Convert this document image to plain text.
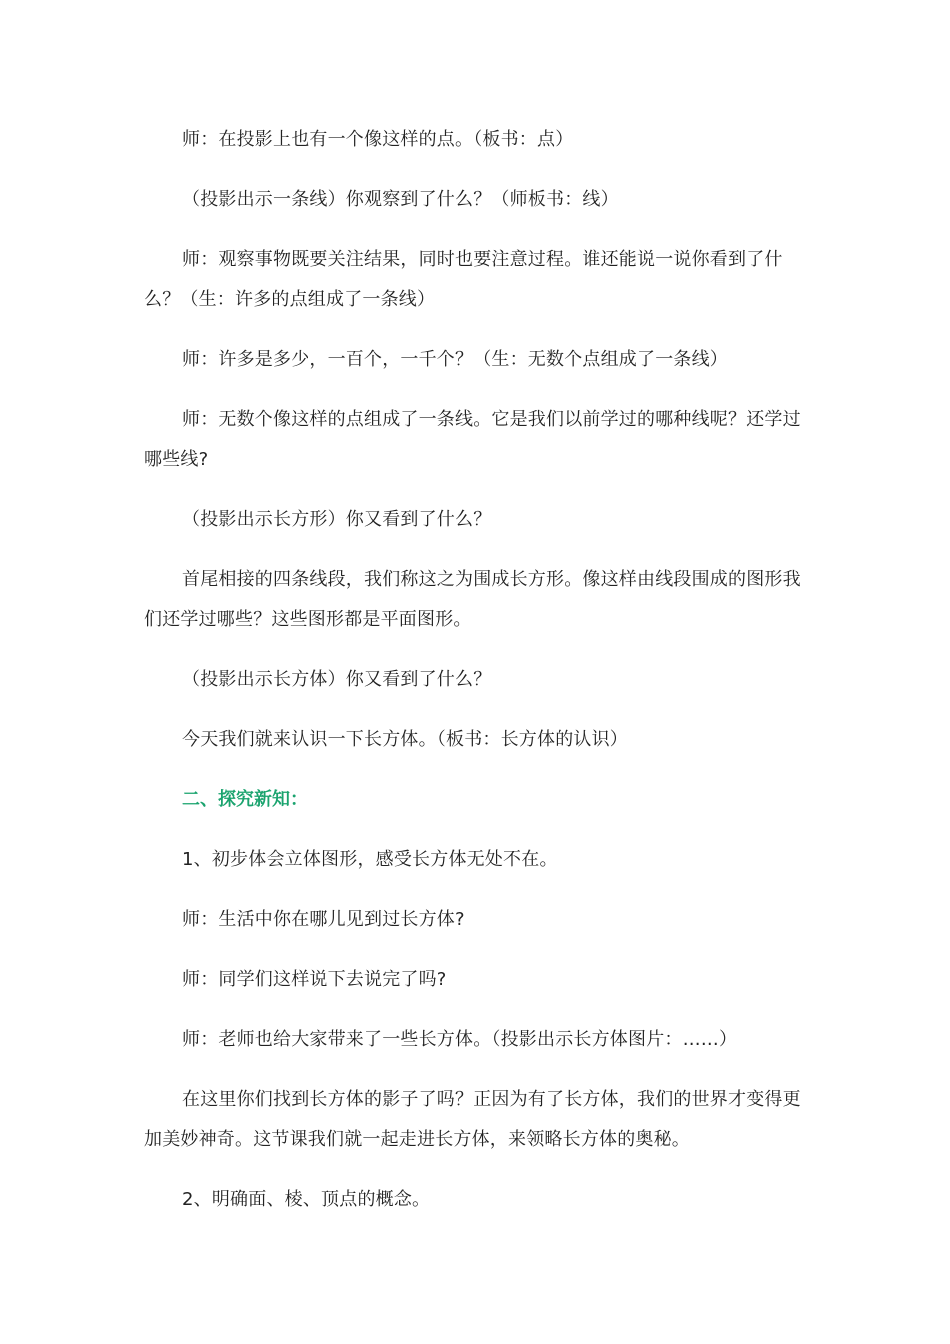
师：在投影上也有一个像这样的点。（板书：点）

（投影出示一条线）你观察到了什么？（师板书：线）

师：观察事物既要关注结果，同时也要注意过程。谁还能说一说你看到了什么？（生：许多的点组成了一条线）

师：许多是多少，一百个，一千个？（生：无数个点组成了一条线）

师：无数个像这样的点组成了一条线。它是我们以前学过的哪种线呢？还学过哪些线?

（投影出示长方形）你又看到了什么？

首尾相接的四条线段，我们称这之为围成长方形。像这样由线段围成的图形我们还学过哪些？这些图形都是平面图形。

（投影出示长方体）你又看到了什么？

今天我们就来认识一下长方体。（板书：长方体的认识）

二、探究新知：

1、初步体会立体图形，感受长方体无处不在。

师：生活中你在哪儿见到过长方体?

师：同学们这样说下去说完了吗?

师：老师也给大家带来了一些长方体。（投影出示长方体图片：……）

在这里你们找到长方体的影子了吗？正因为有了长方体，我们的世界才变得更加美妙神奇。这节课我们就一起走进长方体，来领略长方体的奥秘。

2、明确面、棱、顶点的概念。
